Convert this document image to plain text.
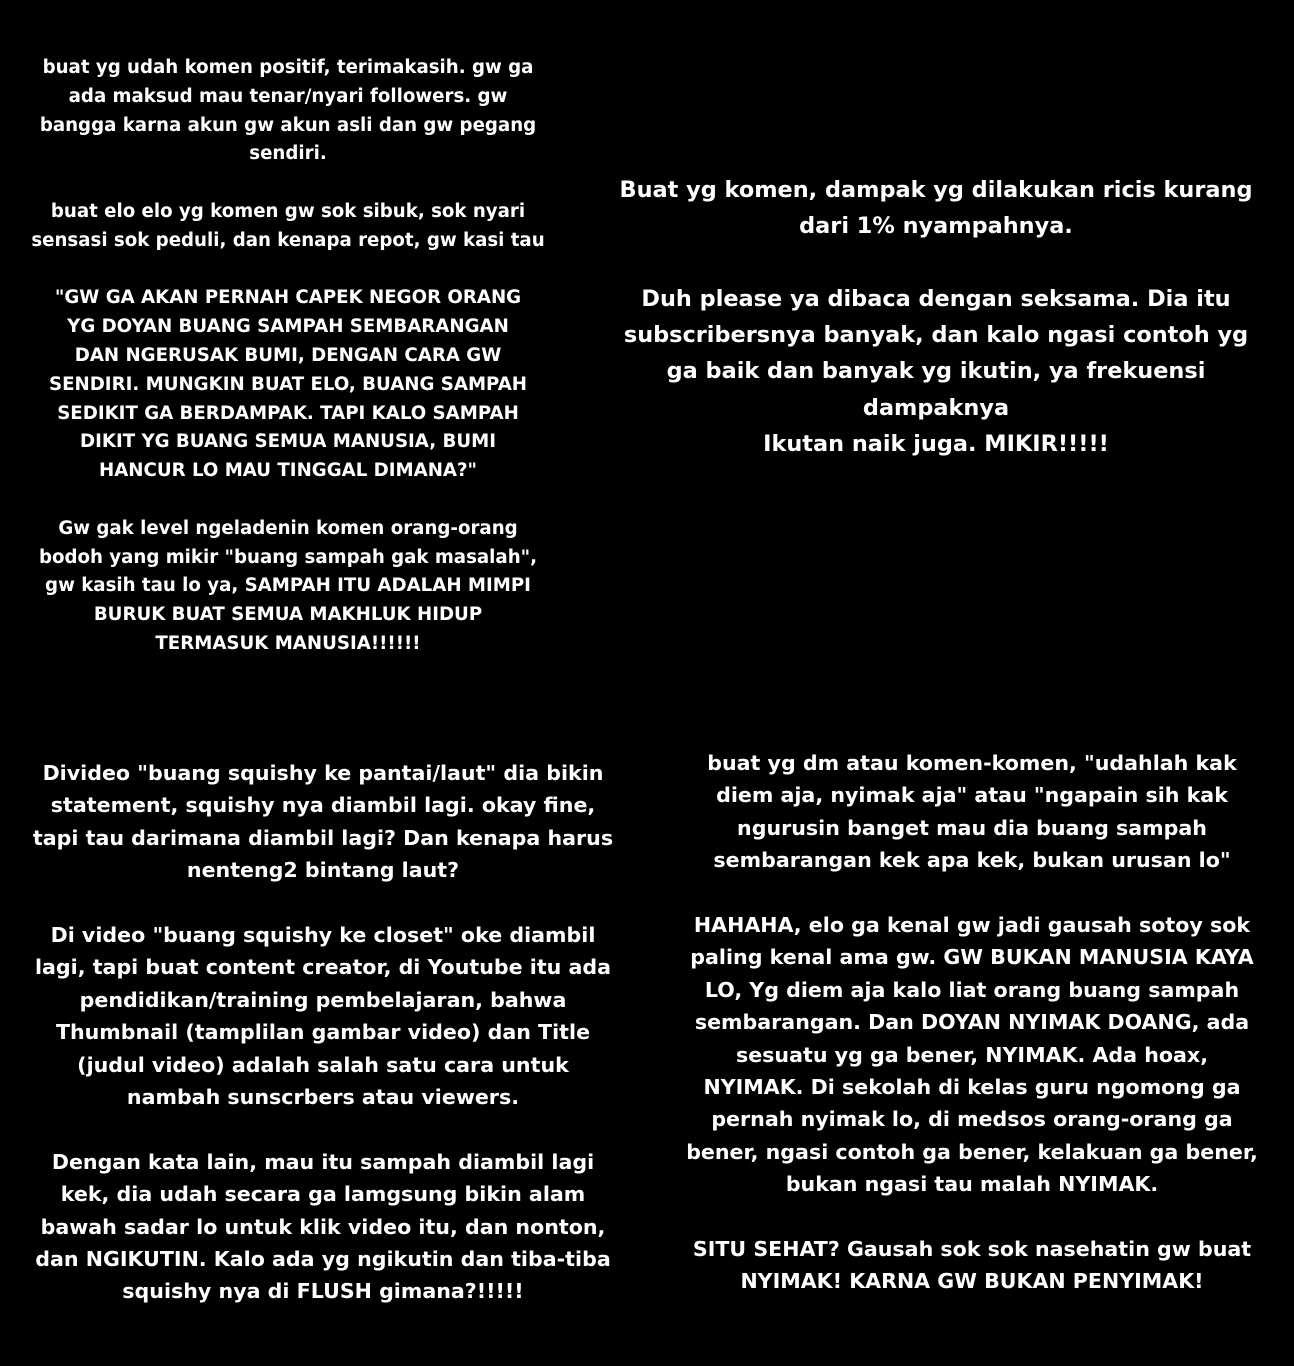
buat yg udah komen positif, terimakasih. gw ga
ada maksud mau tenar/nyari followers. gw
bangga karna akun gw akun asli dan gw pegang
sendiri.

buat elo elo yg komen gw sok sibuk, sok nyari
sensasi sok peduli, dan kenapa repot, gw kasi tau

"GW GA AKAN PERNAH CAPEK NEGOR ORANG
YG DOYAN BUANG SAMPAH SEMBARANGAN
DAN NGERUSAK BUMI, DENGAN CARA GW
SENDIRI. MUNGKIN BUAT ELO, BUANG SAMPAH
SEDIKIT GA BERDAMPAK. TAPI KALO SAMPAH
DIKIT YG BUANG SEMUA MANUSIA, BUMI
HANCUR LO MAU TINGGAL DIMANA?"

Gw gak level ngeladenin komen orang-orang
bodoh yang mikir "buang sampah gak masalah",
gw kasih tau lo ya, SAMPAH ITU ADALAH MIMPI
BURUK BUAT SEMUA MAKHLUK HIDUP
TERMASUK MANUSIA!!!!!!

Buat yg komen, dampak yg dilakukan ricis kurang
dari 1% nyampahnya.

Duh please ya dibaca dengan seksama. Dia itu
subscribersnya banyak, dan kalo ngasi contoh yg
ga baik dan banyak yg ikutin, ya frekuensi
dampaknya
Ikutan naik juga. MIKIR!!!!!

Divideo "buang squishy ke pantai/laut" dia bikin
statement, squishy nya diambil lagi. okay fine,
tapi tau darimana diambil lagi? Dan kenapa harus
nenteng2 bintang laut?

Di video "buang squishy ke closet" oke diambil
lagi, tapi buat content creator, di Youtube itu ada
pendidikan/training pembelajaran, bahwa
Thumbnail (tamplilan gambar video) dan Title
(judul video) adalah salah satu cara untuk
nambah sunscrbers atau viewers.

Dengan kata lain, mau itu sampah diambil lagi
kek, dia udah secara ga lamgsung bikin alam
bawah sadar lo untuk klik video itu, dan nonton,
dan NGIKUTIN. Kalo ada yg ngikutin dan tiba-tiba
squishy nya di FLUSH gimana?!!!!!

buat yg dm atau komen-komen, "udahlah kak
diem aja, nyimak aja" atau "ngapain sih kak
ngurusin banget mau dia buang sampah
sembarangan kek apa kek, bukan urusan lo"

HAHAHA, elo ga kenal gw jadi gausah sotoy sok
paling kenal ama gw. GW BUKAN MANUSIA KAYA
LO, Yg diem aja kalo liat orang buang sampah
sembarangan. Dan DOYAN NYIMAK DOANG, ada
sesuatu yg ga bener, NYIMAK. Ada hoax,
NYIMAK. Di sekolah di kelas guru ngomong ga
pernah nyimak lo, di medsos orang-orang ga
bener, ngasi contoh ga bener, kelakuan ga bener,
bukan ngasi tau malah NYIMAK.

SITU SEHAT? Gausah sok sok nasehatin gw buat
NYIMAK! KARNA GW BUKAN PENYIMAK!
